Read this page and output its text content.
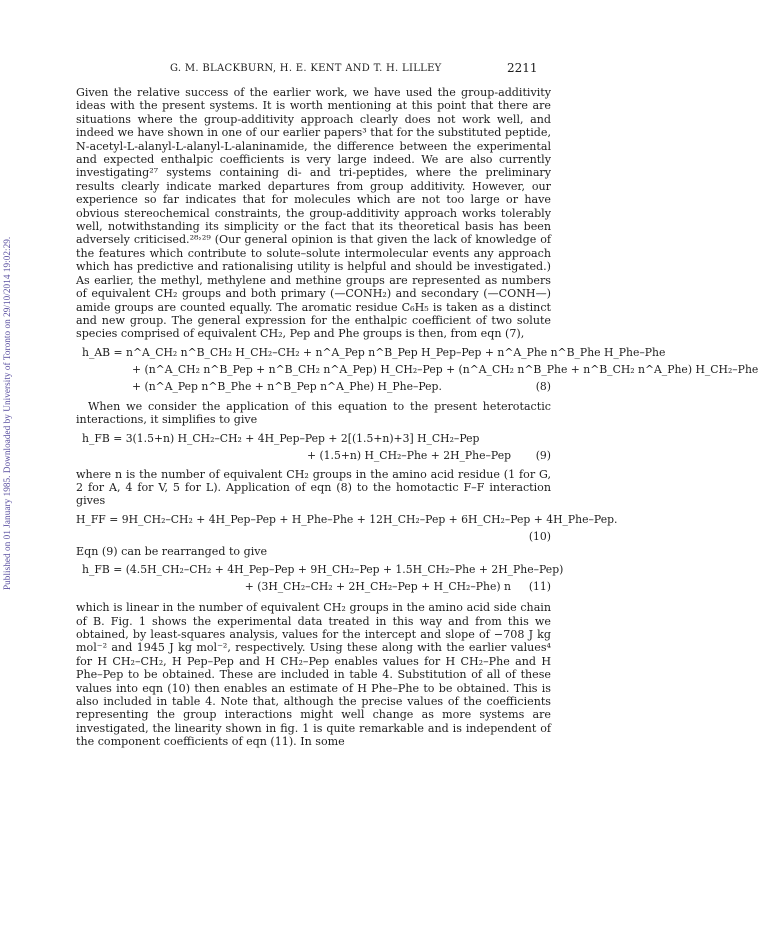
Published on 01 January 1985. Downloaded by University of Toronto on 29/10/2014 19:02:29.
G. M. BLACKBURN, H. E. KENT AND T. H. LILLEY	2211

Given the relative success of the earlier work, we have used the group-additivity ideas with the present systems. It is worth mentioning at this point that there are situations where the group-additivity approach clearly does not work well, and indeed we have shown in one of our earlier papers³ that for the substituted peptide, N-acetyl-L-alanyl-L-alanyl-L-alaninamide, the difference between the experimental and expected enthalpic coefficients is very large indeed. We are also currently investigating²⁷ systems containing di- and tri-peptides, where the preliminary results clearly indicate marked departures from group additivity. However, our experience so far indicates that for molecules which are not too large or have obvious stereochemical constraints, the group-additivity approach works tolerably well, notwithstanding its simplicity or the fact that its theoretical basis has been adversely criticised.²⁸˒²⁹ (Our general opinion is that given the lack of knowledge of the features which contribute to solute–solute intermolecular events any approach which has predictive and rationalising utility is helpful and should be investigated.) As earlier, the methyl, methylene and methine groups are represented as numbers of equivalent CH₂ groups and both primary (—CONH₂) and secondary (—CONH—) amide groups are counted equally. The aromatic residue C₆H₅ is taken as a distinct and new group. The general expression for the enthalpic coefficient of two solute species comprised of equivalent CH₂, Pep and Phe groups is then, from eqn (7),

h_AB = n^A_CH₂ n^B_CH₂ H_CH₂–CH₂ + n^A_Pep n^B_Pep H_Pep–Pep + n^A_Phe n^B_Phe H_Phe–Phe
+ (n^A_CH₂ n^B_Pep + n^B_CH₂ n^A_Pep) H_CH₂–Pep + (n^A_CH₂ n^B_Phe + n^B_CH₂ n^A_Phe) H_CH₂–Phe
+ (n^A_Pep n^B_Phe + n^B_Pep n^A_Phe) H_Phe–Pep.	(8)

When we consider the application of this equation to the present heterotactic interactions, it simplifies to give

h_FB = 3(1.5+n) H_CH₂–CH₂ + 4H_Pep–Pep + 2[(1.5+n)+3] H_CH₂–Pep
+ (1.5+n) H_CH₂–Phe + 2H_Phe–Pep (9)

where n is the number of equivalent CH₂ groups in the amino acid residue (1 for G, 2 for A, 4 for V, 5 for L). Application of eqn (8) to the homotactic F–F interaction gives

H_FF = 9H_CH₂–CH₂ + 4H_Pep–Pep + H_Phe–Phe + 12H_CH₂–Pep + 6H_CH₂–Pep + 4H_Phe–Pep.
(10)

Eqn (9) can be rearranged to give

h_FB = (4.5H_CH₂–CH₂ + 4H_Pep–Pep + 9H_CH₂–Pep + 1.5H_CH₂–Phe + 2H_Phe–Pep)
+ (3H_CH₂–CH₂ + 2H_CH₂–Pep + H_CH₂–Phe) n (11)

which is linear in the number of equivalent CH₂ groups in the amino acid side chain of B. Fig. 1 shows the experimental data treated in this way and from this we obtained, by least-squares analysis, values for the intercept and slope of −708 J kg mol⁻² and 1945 J kg mol⁻², respectively. Using these along with the earlier values⁴ for H CH₂–CH₂, H Pep–Pep and H CH₂–Pep enables values for H CH₂–Phe and H Phe–Pep to be obtained. These are included in table 4. Substitution of all of these values into eqn (10) then enables an estimate of H Phe–Phe to be obtained. This is also included in table 4. Note that, although the precise values of the coefficients representing the group interactions might well change as more systems are investigated, the linearity shown in fig. 1 is quite remarkable and is independent of the component coefficients of eqn (11). In some
